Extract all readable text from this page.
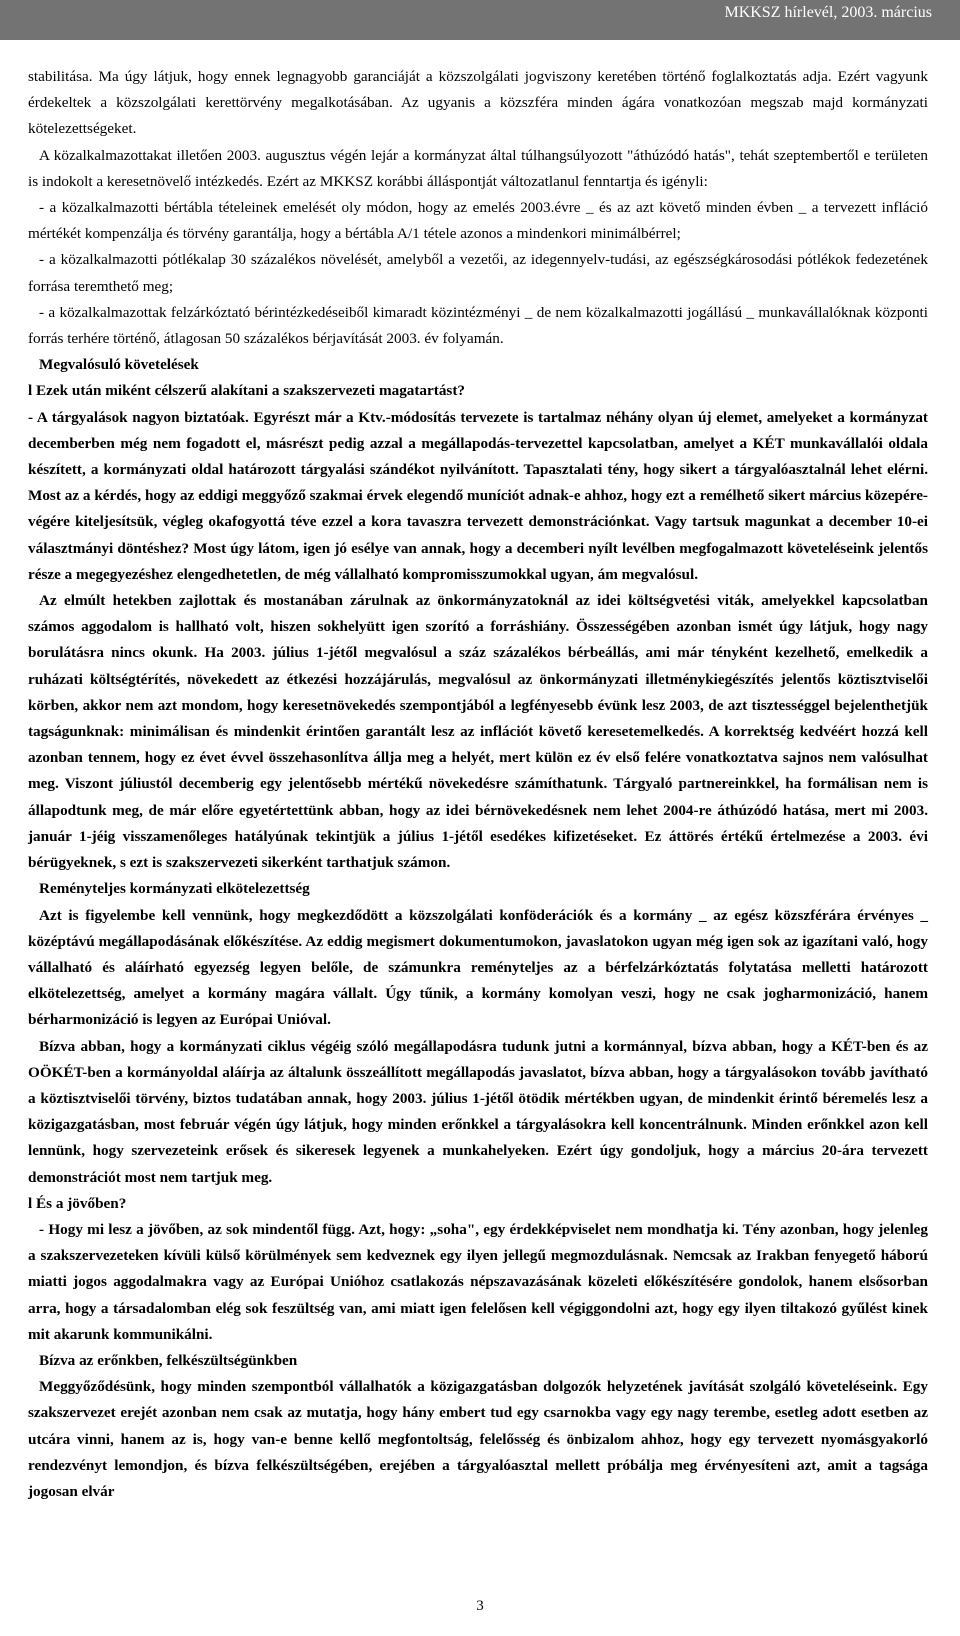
MKKSZ hírlevél, 2003. március

stabilitása. Ma úgy látjuk, hogy ennek legnagyobb garanciáját a közszolgálati jogviszony keretében történő foglalkoztatás adja. Ezért vagyunk érdekeltek a közszolgálati kerettörvény megalkotásában. Az ugyanis a közszféra minden ágára vonatkozóan megszab majd kormányzati kötelezettségeket.

A közalkalmazottakat illetően 2003. augusztus végén lejár a kormányzat által túlhangsúlyozott "áthúzódó hatás", tehát szeptembertől e területen is indokolt a keresetnövelő intézkedés. Ezért az MKKSZ korábbi álláspontját változatlanul fenntartja és igényli:

- a közalkalmazotti bértábla tételeinek emelését oly módon, hogy az emelés 2003.évre _ és az azt követő minden évben _ a tervezett infláció mértékét kompenzálja és törvény garantálja, hogy a bértábla A/1 tétele azonos a mindenkori minimálbérrel;

- a közalkalmazotti pótlékalap 30 százalékos növelését, amelyből a vezetői, az idegennyelv-tudási, az egészségkárosodási pótlékok fedezetének forrása teremthető meg;

- a közalkalmazottak felzárkóztató bérintézkedéseiből kimaradt közintézményi _ de nem közalkalmazotti jogállású _ munkavállalóknak központi forrás terhére történő, átlagosan 50 százalékos bérjavítását 2003. év folyamán.

Megvalósuló követelések

l Ezek után miként célszerű alakítani a szakszervezeti magatartást?

- A tárgyalások nagyon biztatóak. Egyrészt már a Ktv.-módosítás tervezete is tartalmaz néhány olyan új elemet, amelyeket a kormányzat decemberben még nem fogadott el, másrészt pedig azzal a megállapodás-tervezettel kapcsolatban, amelyet a KÉT munkavállalói oldala készített, a kormányzati oldal határozott tárgyalási szándékot nyilvánított. Tapasztalati tény, hogy sikert a tárgyalóasztalnál lehet elérni. Most az a kérdés, hogy az eddigi meggyőző szakmai érvek elegendő muníciót adnak-e ahhoz, hogy ezt a remélhető sikert március közepére-végére kiteljesítsük, végleg okafogyottá téve ezzel a kora tavaszra tervezett demonstrációnkat. Vagy tartsuk magunkat a december 10-ei választmányi döntéshez? Most úgy látom, igen jó esélye van annak, hogy a decemberi nyílt levélben megfogalmazott követeléseink jelentős része a megegyezéshez elengedhetetlen, de még vállalható kompromisszumokkal ugyan, ám megvalósul.

Az elmúlt hetekben zajlottak és mostanában zárulnak az önkormányzatoknál az idei költségvetési viták, amelyekkel kapcsolatban számos aggodalom is hallható volt, hiszen sokhelyütt igen szorító a forráshiány. Összességében azonban ismét úgy látjuk, hogy nagy borulátásra nincs okunk. Ha 2003. július 1-jétől megvalósul a száz százalékos bérbeállás, ami már tényként kezelhető, emelkedik a ruházati költségtérítés, növekedett az étkezési hozzájárulás, megvalósul az önkormányzati illetménykiegészítés jelentős köztisztviselői körben, akkor nem azt mondom, hogy keresetnövekedés szempontjából a legfényesebb évünk lesz 2003, de azt tisztességgel bejelenthetjük tagságunknak: minimálisan és mindenkit érintően garantált lesz az inflációt követő keresetemelkedés. A korrektség kedvéért hozzá kell azonban tennem, hogy ez évet évvel összehasonlítva állja meg a helyét, mert külön ez év első felére vonatkoztatva sajnos nem valósulhat meg. Viszont júliustól decemberig egy jelentősebb mértékű növekedésre számíthatunk. Tárgyaló partnereinkkel, ha formálisan nem is állapodtunk meg, de már előre egyetértettünk abban, hogy az idei bérnövekedésnek nem lehet 2004-re áthúzódó hatása, mert mi 2003. január 1-jéig visszamenőleges hatályúnak tekintjük a július 1-jétől esedékes kifizetéseket. Ez áttörés értékű értelmezése a 2003. évi bérügyeknek, s ezt is szakszervezeti sikerként tarthatjuk számon.

Reményteljes kormányzati elkötelezettség

Azt is figyelembe kell vennünk, hogy megkezdődött a közszolgálati konföderációk és a kormány _ az egész közszférára érvényes _ középtávú megállapodásának előkészítése. Az eddig megismert dokumentumokon, javaslatokon ugyan még igen sok az igazítani való, hogy vállalható és aláírható egyezség legyen belőle, de számunkra reményteljes az a bérfelzárkóztatás folytatása melletti határozott elkötelezettség, amelyet a kormány magára vállalt. Úgy tűnik, a kormány komolyan veszi, hogy ne csak jogharmonizáció, hanem bérharmonizáció is legyen az Európai Unióval.

Bízva abban, hogy a kormányzati ciklus végéig szóló megállapodásra tudunk jutni a kormánnyal, bízva abban, hogy a KÉT-ben és az OÖKÉT-ben a kormányoldal aláírja az általunk összeállított megállapodás javaslatot, bízva abban, hogy a tárgyalásokon tovább javítható a köztisztviselői törvény, biztos tudatában annak, hogy 2003. július 1-jétől ötödik mértékben ugyan, de mindenkit érintő béremelés lesz a közigazgatásban, most február végén úgy látjuk, hogy minden erőnkkel a tárgyalásokra kell koncentrálnunk. Minden erőnkkel azon kell lennünk, hogy szervezeteink erősek és sikeresek legyenek a munkahelyeken. Ezért úgy gondoljuk, hogy a március 20-ára tervezett demonstrációt most nem tartjuk meg.

l És a jövőben?

- Hogy mi lesz a jövőben, az sok mindentől függ. Azt, hogy: „soha", egy érdekképviselet nem mondhatja ki. Tény azonban, hogy jelenleg a szakszervezeteken kívüli külső körülmények sem kedveznek egy ilyen jellegű megmozdulásnak. Nemcsak az Irakban fenyegető háború miatti jogos aggodalmakra vagy az Európai Unióhoz csatlakozás népszavazásának közeleti előkészítésére gondolok, hanem elsősorban arra, hogy a társadalomban elég sok feszültség van, ami miatt igen felelősen kell végiggondolni azt, hogy egy ilyen tiltakozó gyűlést kinek mit akarunk kommunikálni.

Bízva az erőnkben, felkészültségünkben

Meggyőződésünk, hogy minden szempontból vállalhatók a közigazgatásban dolgozók helyzetének javítását szolgáló követeléseink. Egy szakszervezet erejét azonban nem csak az mutatja, hogy hány embert tud egy csarnokba vagy egy nagy terembe, esetleg adott esetben az utcára vinni, hanem az is, hogy van-e benne kellő megfontoltság, felelősség és önbizalom ahhoz, hogy egy tervezett nyomásgyakorló rendezvényt lemondjon, és bízva felkészültségében, erejében a tárgyalóasztal mellett próbálja meg érvényesíteni azt, amit a tagsága jogosan elvár

3
